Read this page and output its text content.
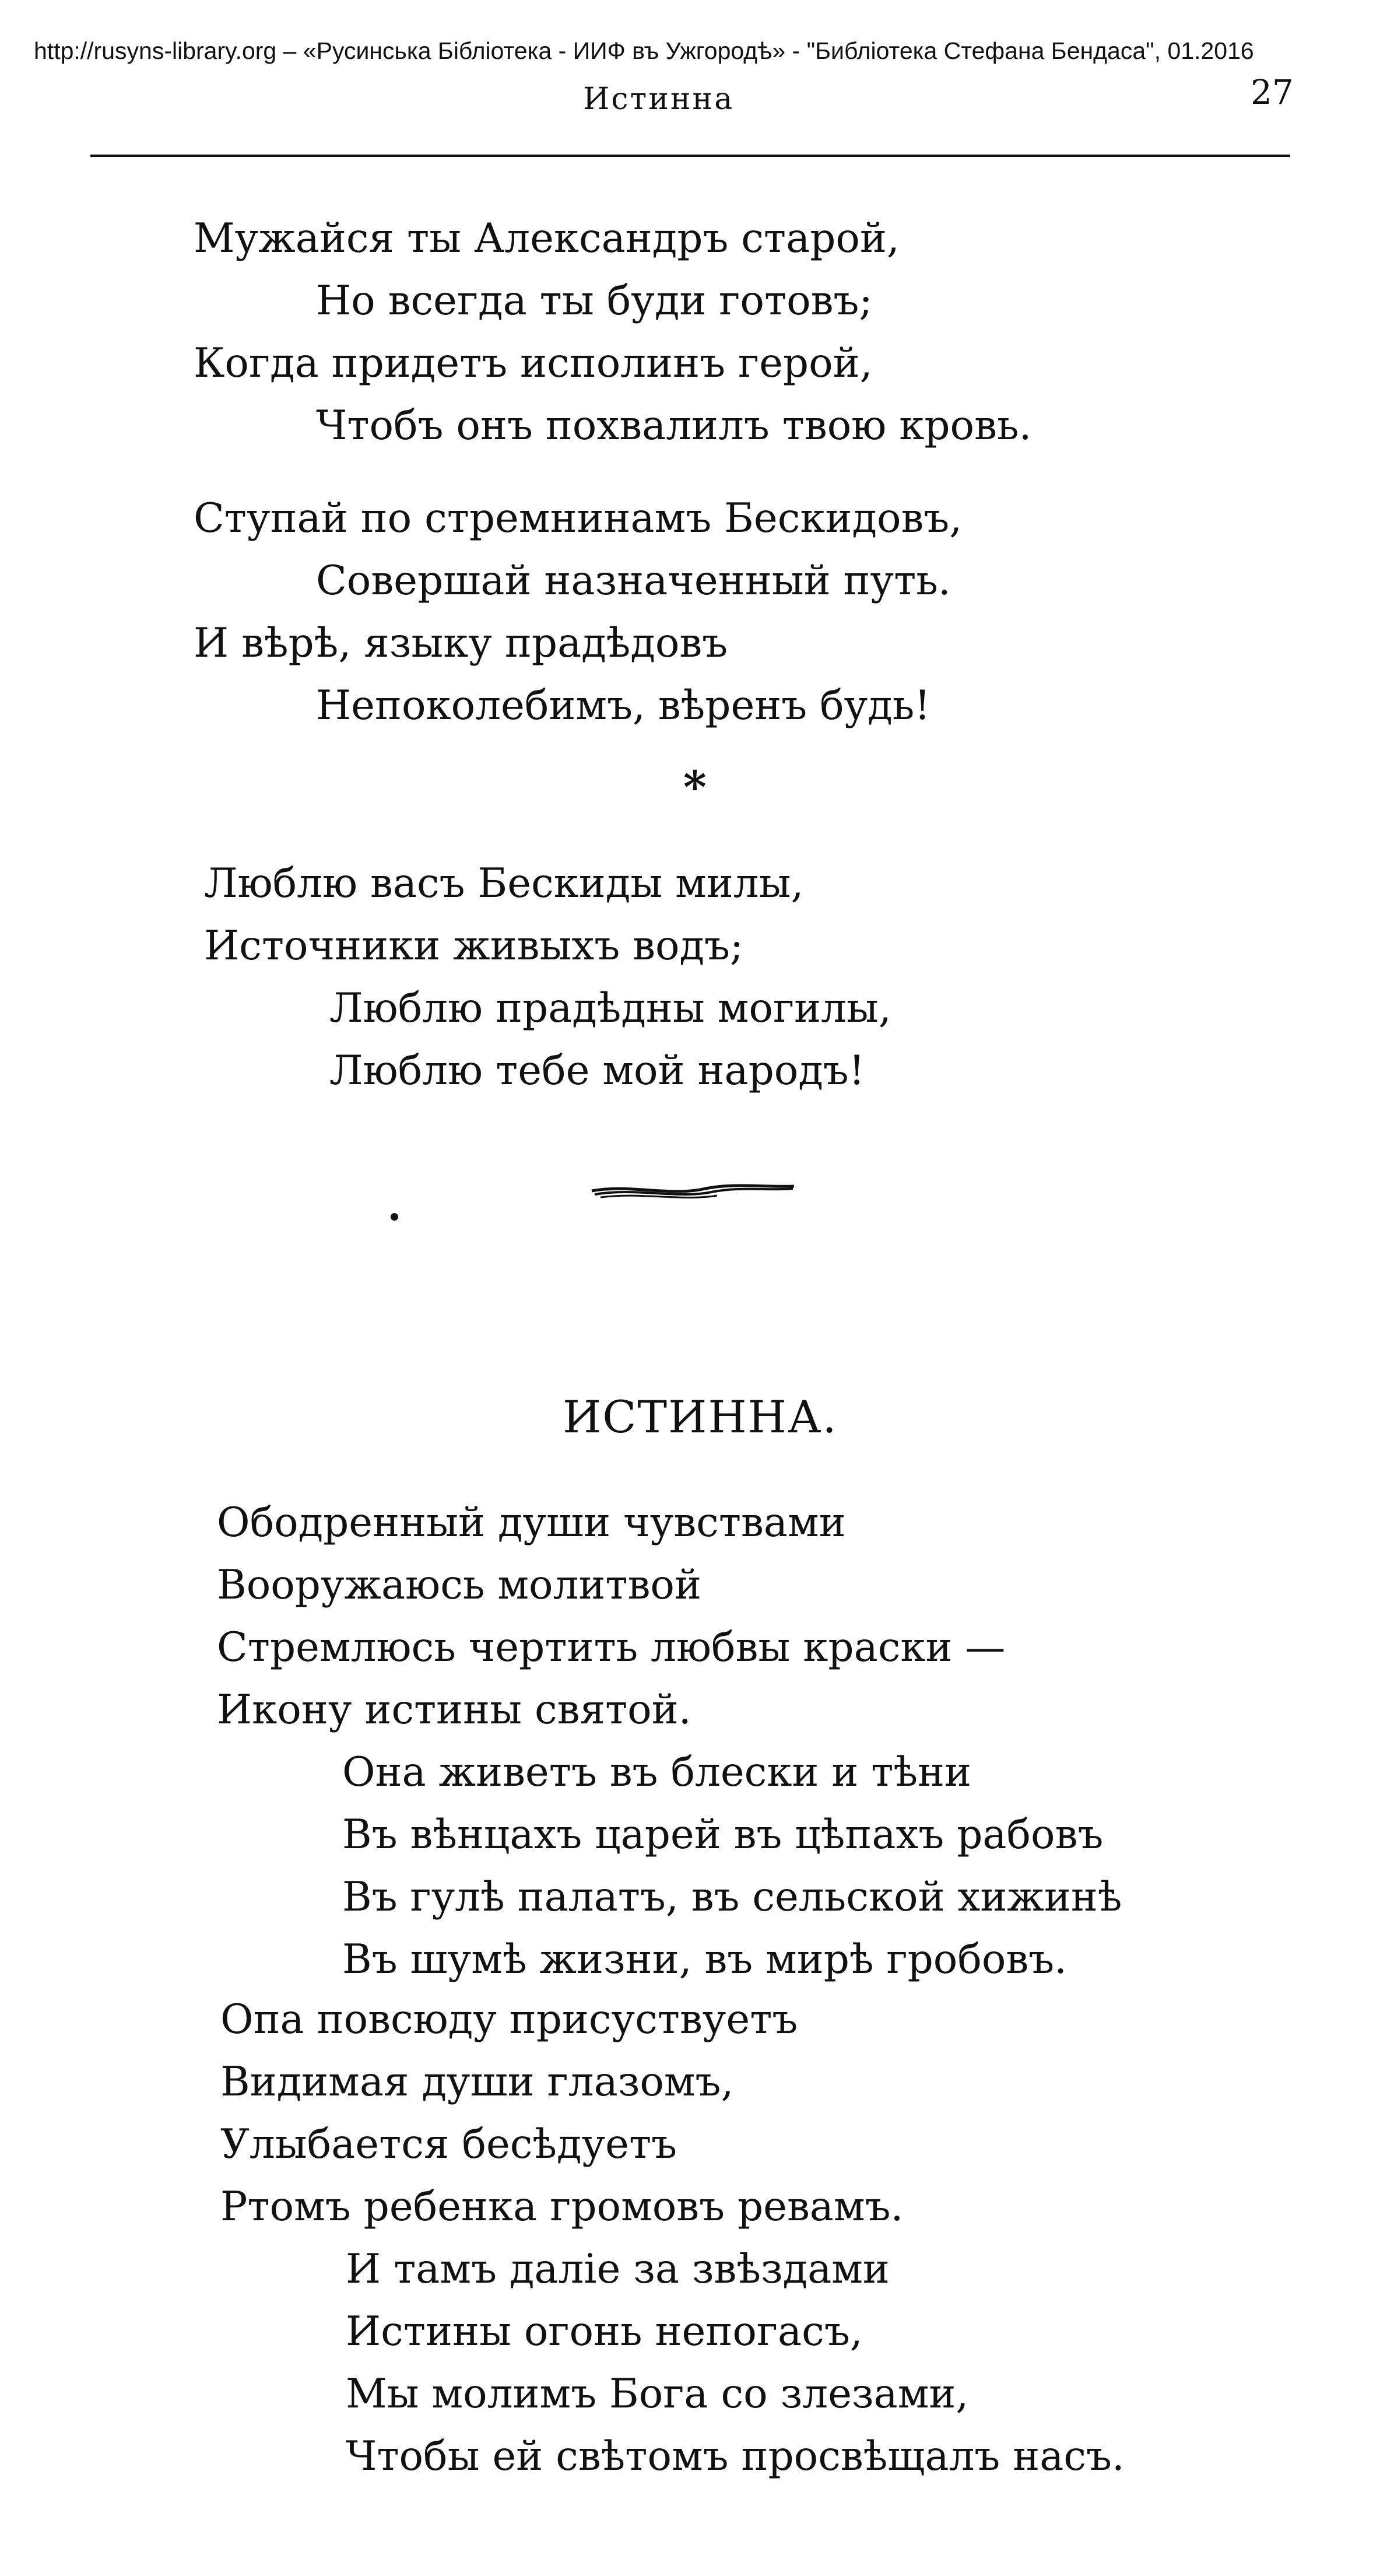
http://rusyns-library.org – «Русинська Бібліотека - ИИФ въ Ужгородѣ» - "Библіотека Стефана Бендаса", 01.2016
Истинна	27
Мужайся ты Александръ старой,
Но всегда ты буди готовъ;
Когда придетъ исполинъ герой,
Чтобъ онъ похвалилъ твою кровь.
Ступай по стремнинамъ Бескидовъ,
Совершай назначенный путь.
И вѣрѣ, языку прадѣдовъ
Непоколебимъ, вѣренъ будь!
*
Люблю васъ Бескиды милы,
Источники живыхъ водъ;
Люблю прадѣдны могилы,
Люблю тебе мой народъ!
ИСТИННА.
Ободренный души чувствами
Вооружаюсь молитвой
Стремлюсь чертить любвы краски —
Икону истины святой.
Она живетъ въ блески и тѣни
Въ вѣнцахъ царей въ цѣпахъ рабовъ
Въ гулѣ палатъ, въ сельской хижинѣ
Въ шумѣ жизни, въ мирѣ гробовъ.
Опа повсюду присуствуетъ
Видимая души глазомъ,
Улыбается бесѣдуетъ
Ртомъ ребенка громовъ ревамъ.
И тамъ даліе за звѣздами
Истины огонь непогасъ,
Мы молимъ Бога со злезами,
Чтобы ей свѣтомъ просвѣщалъ насъ.
